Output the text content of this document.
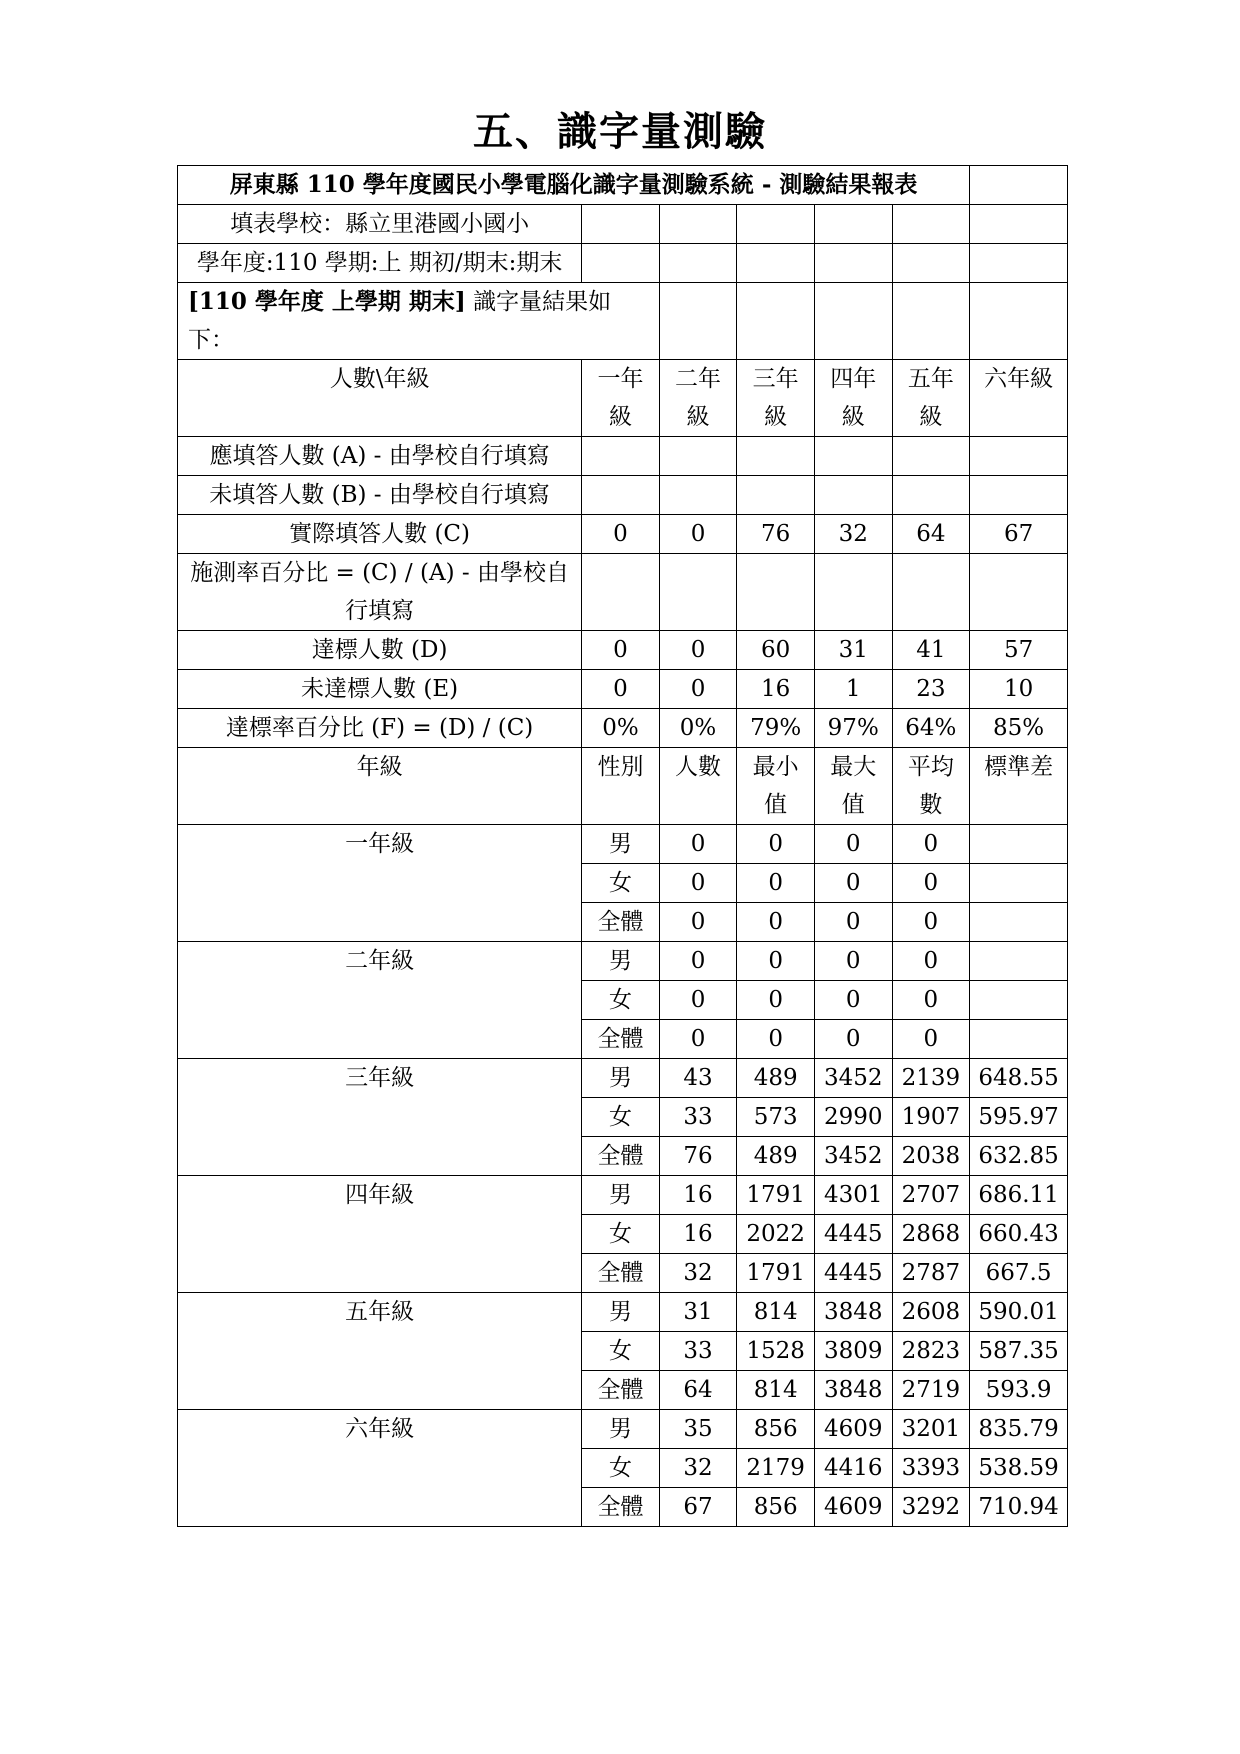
五、識字量測驗
屏東縣 110 學年度國民小學電腦化識字量測驗系統 - 測驗結果報表						
填表學校：縣立里港國小國小						
學年度:110 學期:上 期初/期末:期末						
[110 學年度 上學期 期末] 識字量結果如下：						
人數\年級	一年級	二年級	三年級	四年級	五年級	六年級
應填答人數 (A) - 由學校自行填寫						
未填答人數 (B) - 由學校自行填寫						
實際填答人數 (C)	0	0	76	32	64	67
施測率百分比 = (C) / (A) - 由學校自行填寫						
達標人數 (D)	0	0	60	31	41	57
未達標人數 (E)	0	0	16	1	23	10
達標率百分比 (F) = (D) / (C)	0%	0%	79%	97%	64%	85%
年級	性別	人數	最小值	最大值	平均數	標準差
一年級	男	0	0	0	0	
	女	0	0	0	0	
	全體	0	0	0	0	
二年級	男	0	0	0	0	
	女	0	0	0	0	
	全體	0	0	0	0	
三年級	男	43	489	3452	2139	648.55
	女	33	573	2990	1907	595.97
	全體	76	489	3452	2038	632.85
四年級	男	16	1791	4301	2707	686.11
	女	16	2022	4445	2868	660.43
	全體	32	1791	4445	2787	667.5
五年級	男	31	814	3848	2608	590.01
	女	33	1528	3809	2823	587.35
	全體	64	814	3848	2719	593.9
六年級	男	35	856	4609	3201	835.79
	女	32	2179	4416	3393	538.59
	全體	67	856	4609	3292	710.94
